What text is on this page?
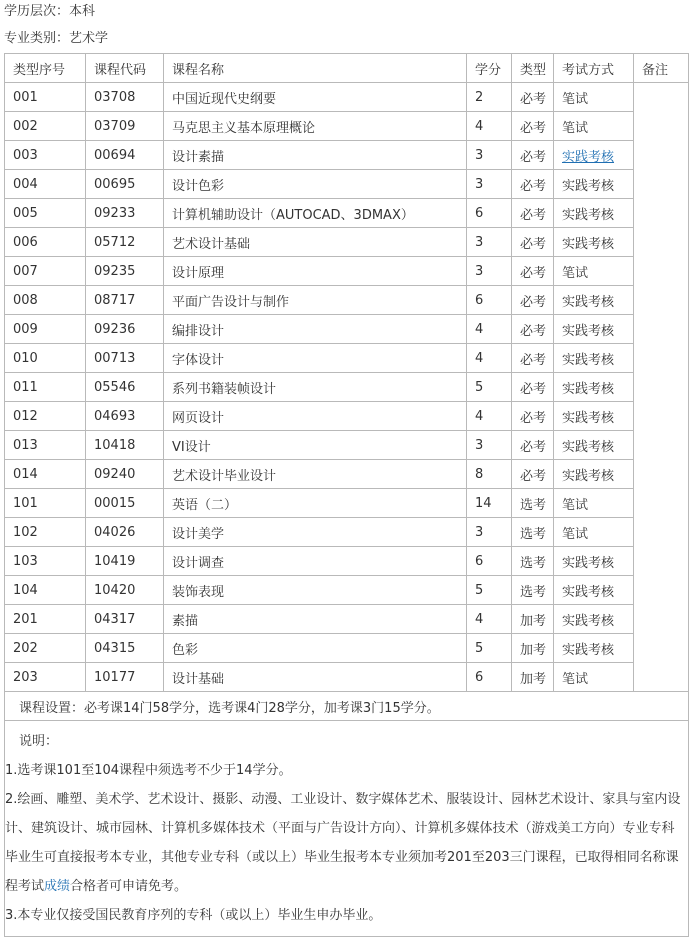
学历层次：本科
专业类别：艺术学
类型序号	课程代码	课程名称	学分	类型	考试方式	备注
001	03708	中国近现代史纲要	2	必考	笔试	
002	03709	马克思主义基本原理概论	4	必考	笔试	
003	00694	设计素描	3	必考	实践考核	
004	00695	设计色彩	3	必考	实践考核	
005	09233	计算机辅助设计（AUTOCAD、3DMAX）	6	必考	实践考核	
006	05712	艺术设计基础	3	必考	实践考核	
007	09235	设计原理	3	必考	笔试	
008	08717	平面广告设计与制作	6	必考	实践考核	
009	09236	编排设计	4	必考	实践考核	
010	00713	字体设计	4	必考	实践考核	
011	05546	系列书籍装帧设计	5	必考	实践考核	
012	04693	网页设计	4	必考	实践考核	
013	10418	VI设计	3	必考	实践考核	
014	09240	艺术设计毕业设计	8	必考	实践考核	
101	00015	英语（二）	14	选考	笔试	
102	04026	设计美学	3	选考	笔试	
103	10419	设计调查	6	选考	实践考核	
104	10420	装饰表现	5	选考	实践考核	
201	04317	素描	4	加考	实践考核	
202	04315	色彩	5	加考	实践考核	
203	10177	设计基础	6	加考	笔试	
课程设置：必考课14门58学分，选考课4门28学分，加考课3门15学分。						

说明：
1.选考课101至104课程中须选考不少于14学分。
2.绘画、雕塑、美术学、艺术设计、摄影、动漫、工业设计、数字媒体艺术、服装设计、园林艺术设计、家具与室内设计、建筑设计、城市园林、计算机多媒体技术（平面与广告设计方向）、计算机多媒体技术（游戏美工方向）专业专科毕业生可直接报考本专业，其他专业专科（或以上）毕业生报考本专业须加考201至203三门课程，已取得相同名称课程考试成绩合格者可申请免考。
3.本专业仅接受国民教育序列的专科（或以上）毕业生申办毕业。						
